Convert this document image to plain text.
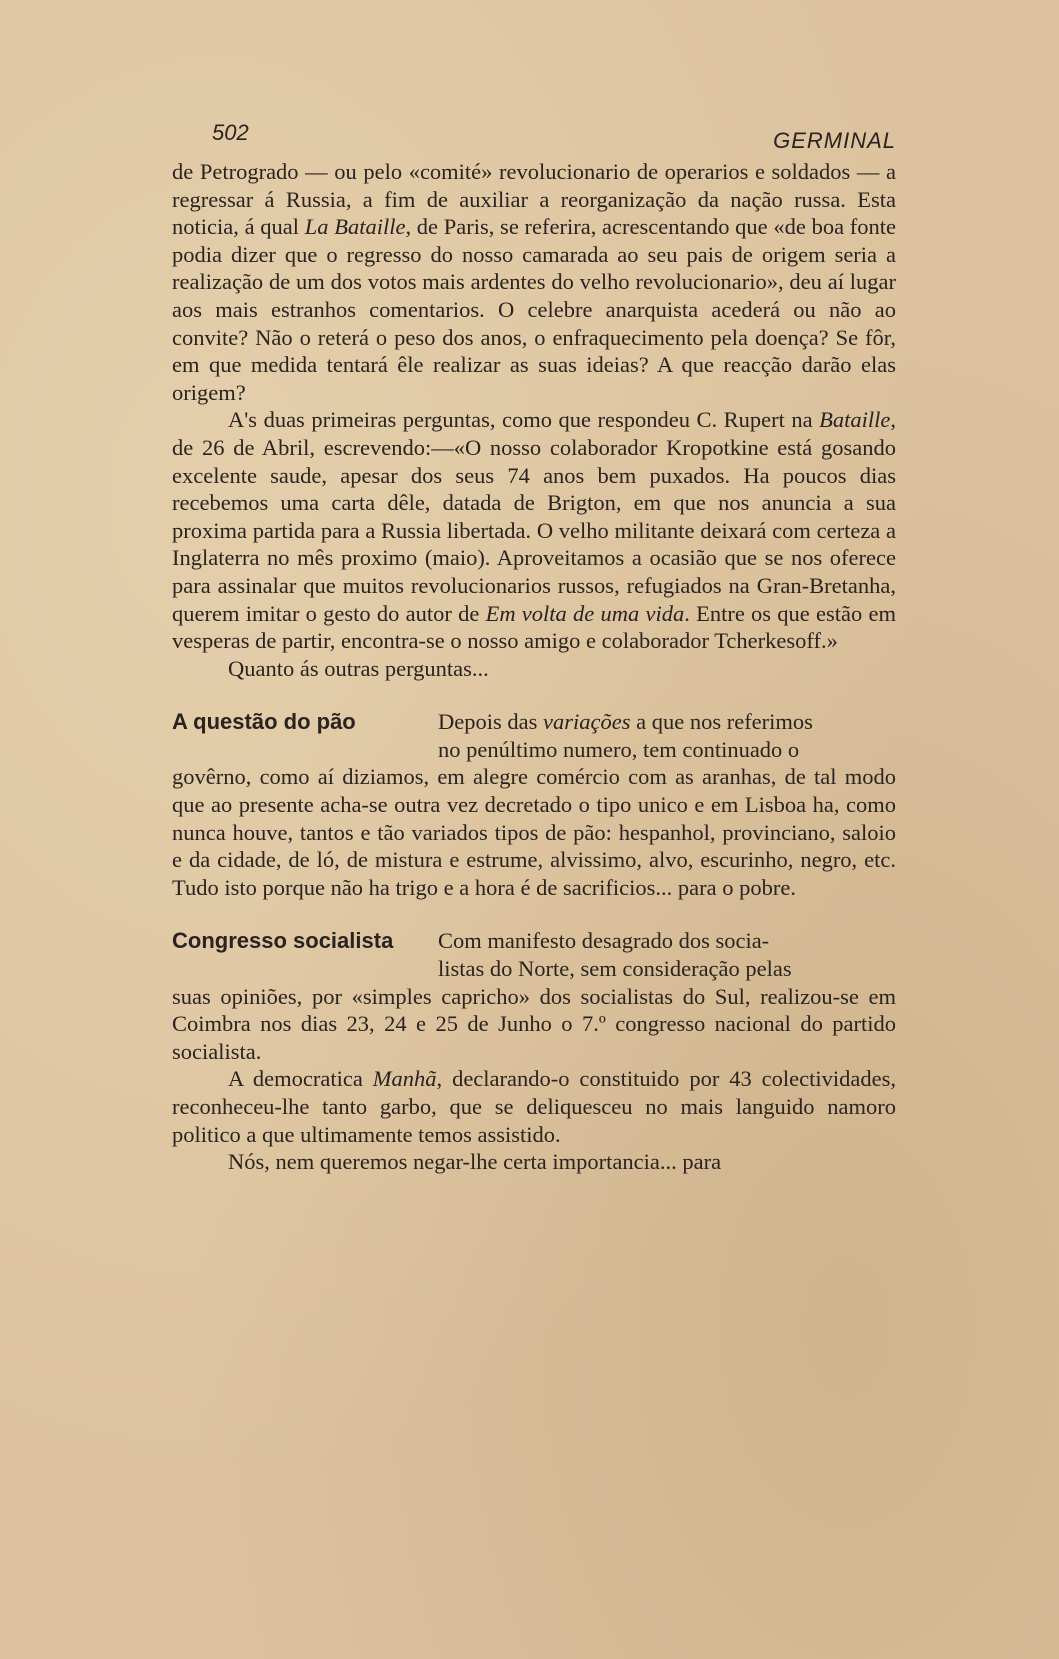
502	GERMINAL

de Petrogrado — ou pelo «comité» revolucionario de operarios e soldados — a regressar á Russia, a fim de auxiliar a reorganização da nação russa. Esta noticia, á qual La Bataille, de Paris, se referira, acrescentando que «de boa fonte podia dizer que o regresso do nosso camarada ao seu pais de origem seria a realização de um dos votos mais ardentes do velho revolucionario», deu aí lugar aos mais estranhos comentarios. O celebre anarquista acederá ou não ao convite? Não o reterá o peso dos anos, o enfraquecimento pela doença? Se fôr, em que medida tentará êle realizar as suas ideias? A que reacção darão elas origem?

A's duas primeiras perguntas, como que respondeu C. Rupert na Bataille, de 26 de Abril, escrevendo:—«O nosso colaborador Kropotkine está gosando excelente saude, apesar dos seus 74 anos bem puxados. Ha poucos dias recebemos uma carta dêle, datada de Brigton, em que nos anuncia a sua proxima partida para a Russia libertada. O velho militante deixará com certeza a Inglaterra no mês proximo (maio). Aproveitamos a ocasião que se nos oferece para assinalar que muitos revolucionarios russos, refugiados na Gran-Bretanha, querem imitar o gesto do autor de Em volta de uma vida. Entre os que estão em vesperas de partir, encontra-se o nosso amigo e colaborador Tcherkesoff.»

Quanto ás outras perguntas...

A questão do pão	Depois das variações a que nos referimos

no penúltimo numero, tem continuado o

govêrno, como aí diziamos, em alegre comércio com as aranhas, de tal modo que ao presente acha-se outra vez decretado o tipo unico e em Lisboa ha, como nunca houve, tantos e tão variados tipos de pão: hespanhol, provinciano, saloio e da cidade, de ló, de mistura e estrume, alvissimo, alvo, escurinho, negro, etc. Tudo isto porque não ha trigo e a hora é de sacrificios... para o pobre.

Congresso socialista	Com manifesto desagrado dos socia-

listas do Norte, sem consideração pelas

suas opiniões, por «simples capricho» dos socialistas do Sul, realizou-se em Coimbra nos dias 23, 24 e 25 de Junho o 7.º congresso nacional do partido socialista.

A democratica Manhã, declarando-o constituido por 43 colectividades, reconheceu-lhe tanto garbo, que se deliquesceu no mais languido namoro politico a que ultimamente temos assistido.

Nós, nem queremos negar-lhe certa importancia... para
